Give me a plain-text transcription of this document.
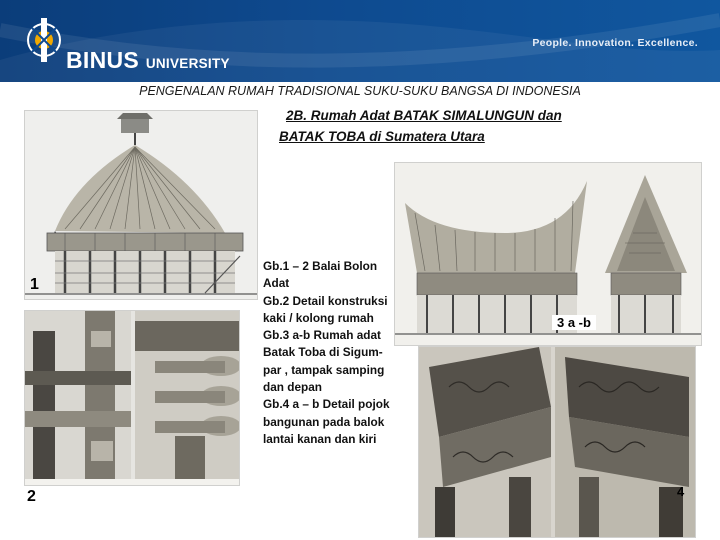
BINUS UNIVERSITY
People. Innovation. Excellence.
PENGENALAN RUMAH TRADISIONAL SUKU-SUKU BANGSA DI INDONESIA
2B. Rumah Adat BATAK SIMALUNGUN dan
BATAK TOBA di Sumatera Utara
1
2
Gb.1 – 2 Balai Bolon
Adat
Gb.2 Detail konstruksi
kaki / kolong rumah
Gb.3 a-b Rumah adat
Batak Toba di Sigum-
par , tampak samping
dan depan
Gb.4 a – b Detail pojok
bangunan pada balok
lantai kanan dan kiri
3 a -b
4
